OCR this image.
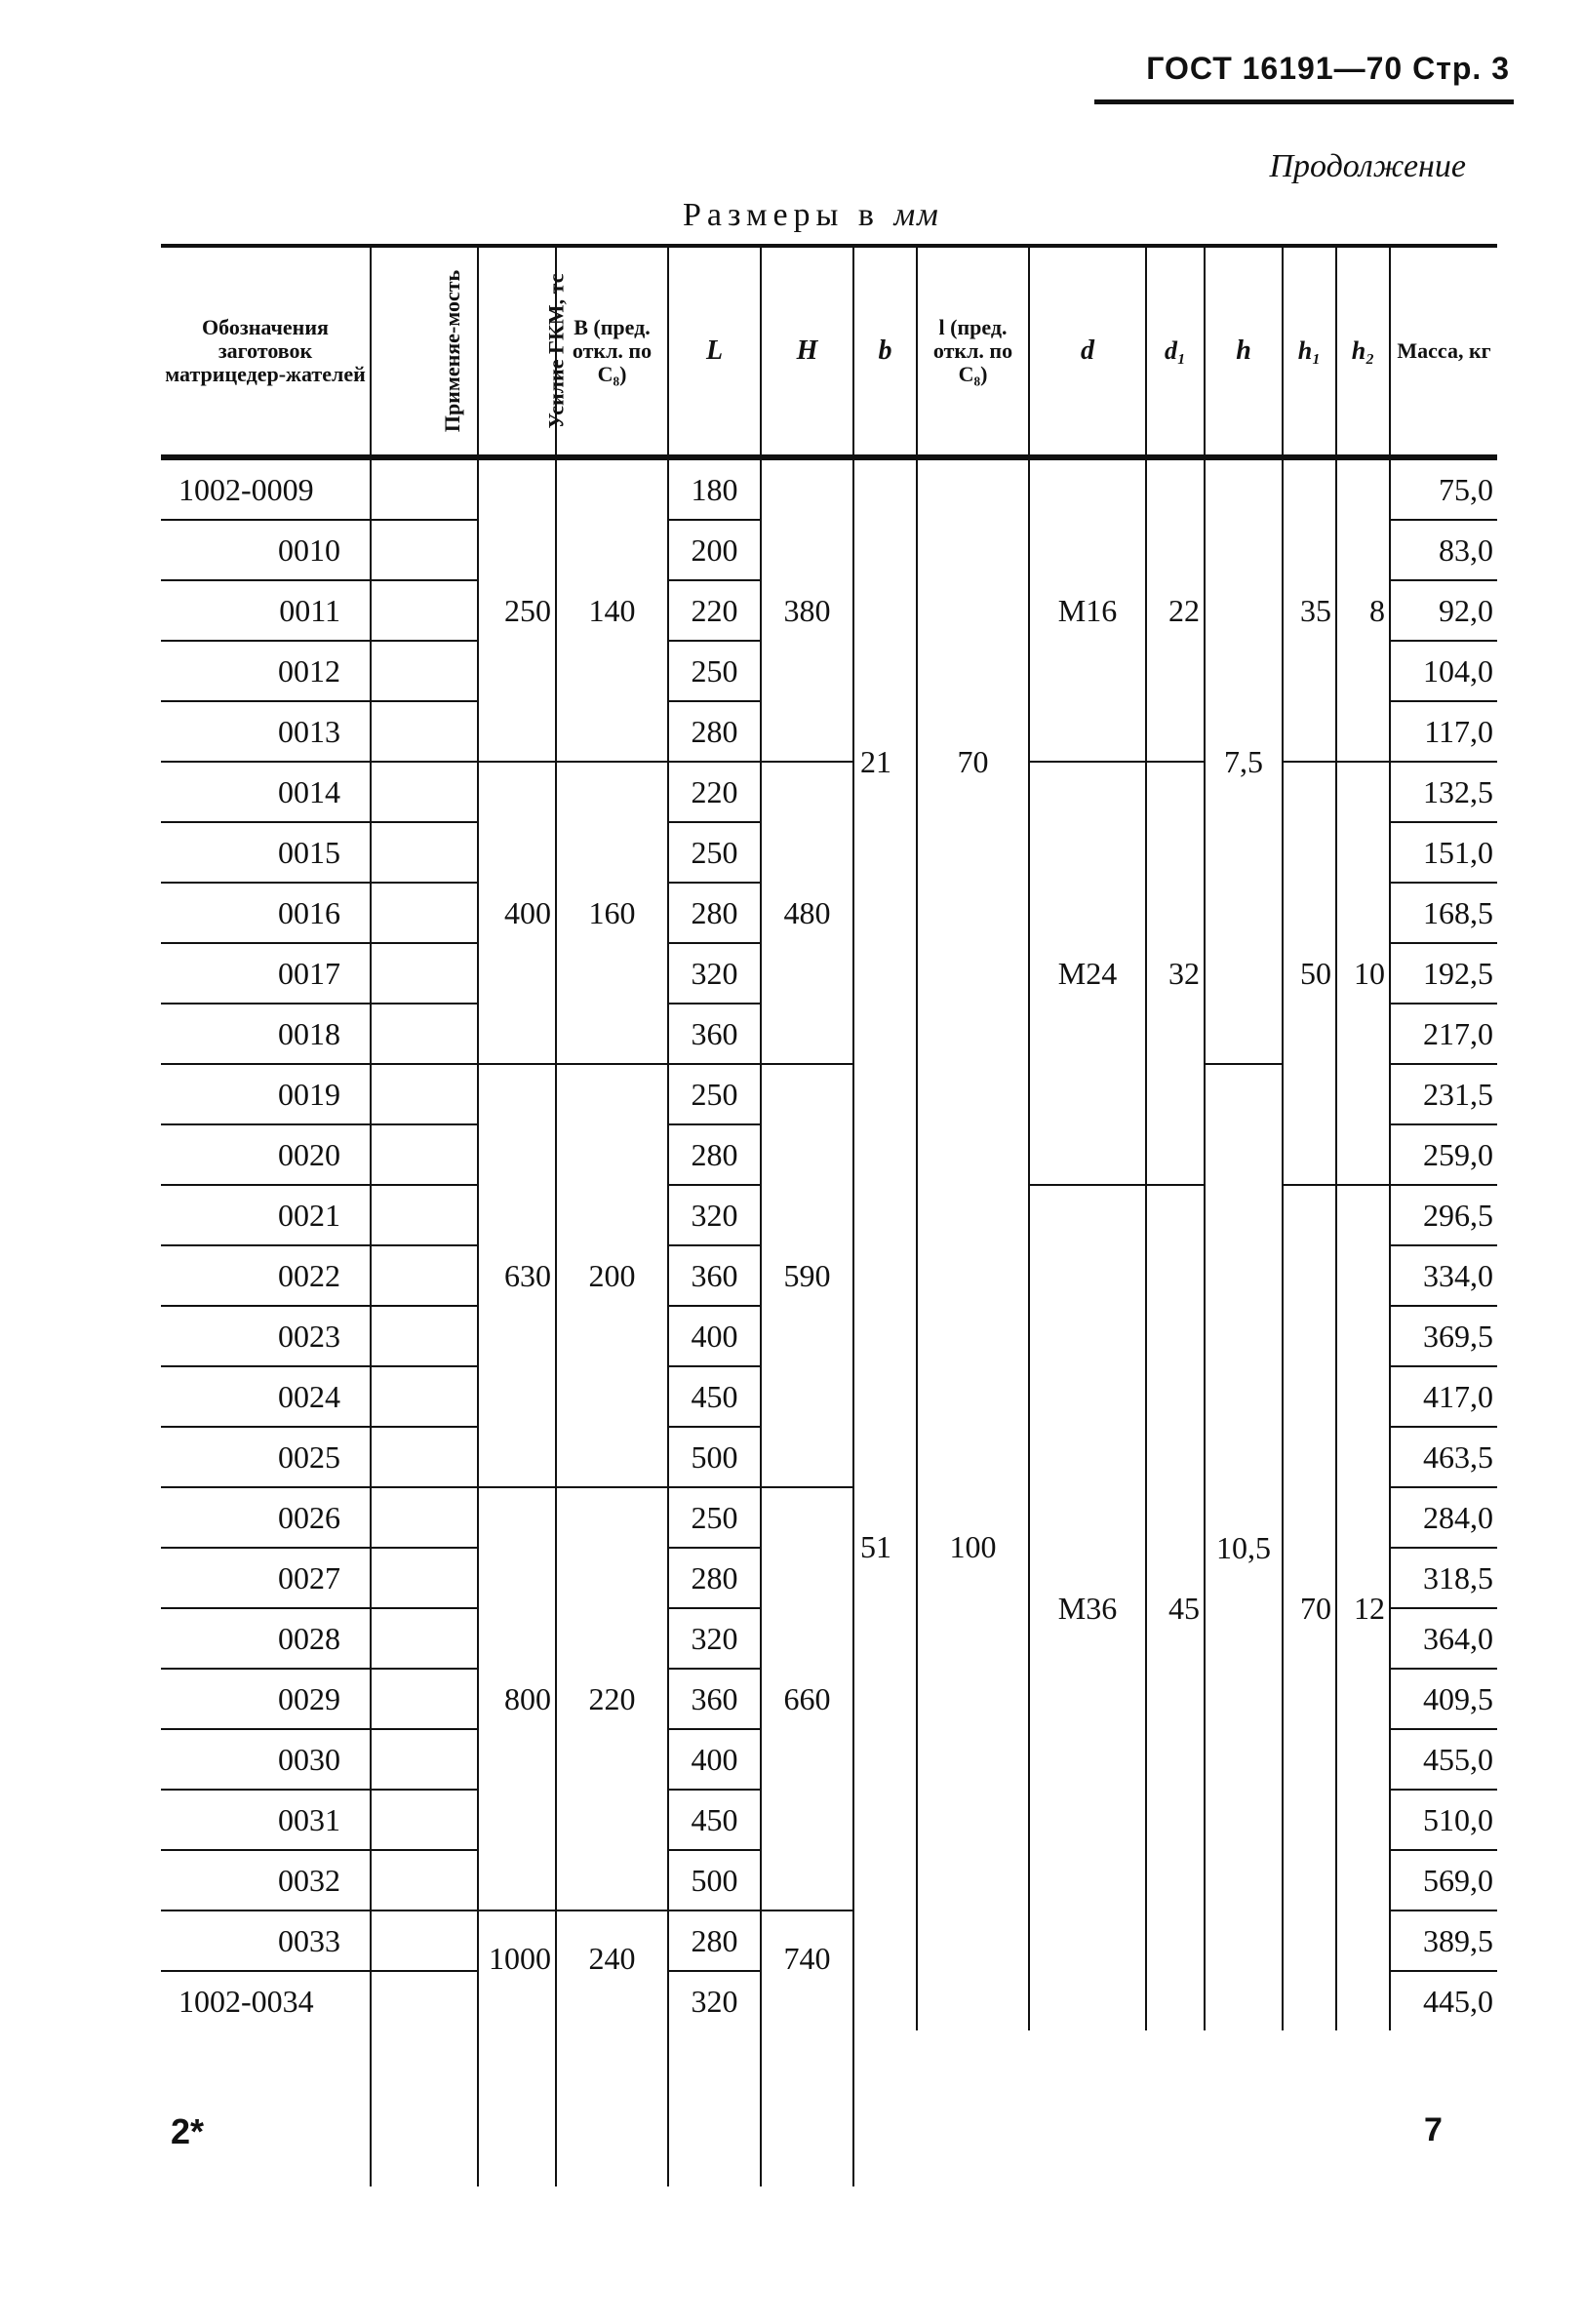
ГОСТ 16191—70 Стр. 3
Продолжение
Размеры в мм
Обозначения заготовок матрицедер-жателей	Применяе-мость	Усилие ГКМ, тс	B (пред. откл. по C₈)	L	H	b	l (пред. откл. по C₈)	d	d₁	h	h₁	h₂	Масса, кг
1002-0009		250	140	180	380	21	70	M16	22	7,5	35	8	75,0
0010				200									83,0
0011				220									92,0
0012				250									104,0
0013				280									117,0
0014		400	160	220	480			M24	32		50	10	132,5
0015				250									151,0
0016				280									168,5
0017				320									192,5
0018				360									217,0
0019		630	200	250	590	51	100			10,5			231,5
0020				280									259,0
0021				320				M36	45		70	12	296,5
0022				360									334,0
0023				400									369,5
0024				450									417,0
0025				500									463,5
0026		800	220	250	660								284,0
0027				280									318,5
0028				320									364,0
0029				360									409,5
0030				400									455,0
0031				450									510,0
0032				500									569,0
0033		1000	240	280	740								389,5
1002-0034				320									445,0

2*	7
